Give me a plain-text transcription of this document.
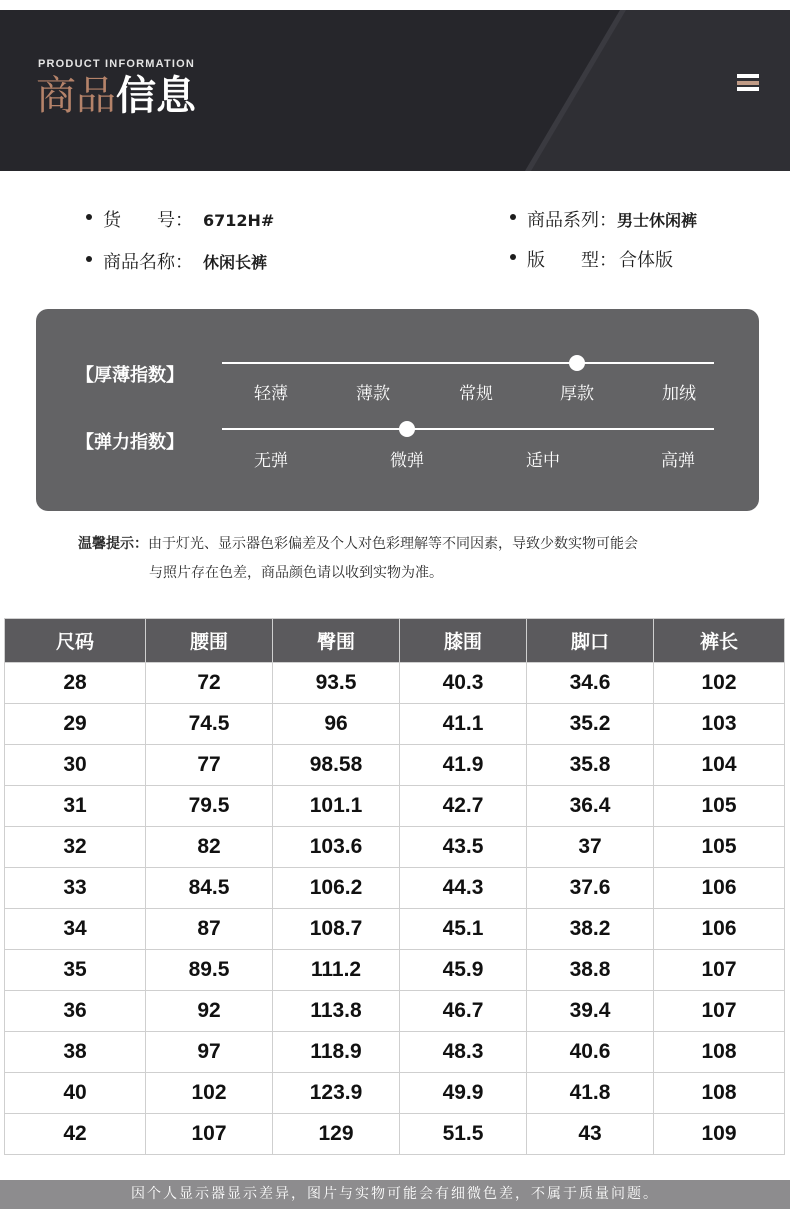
PRODUCT INFORMATION
商品信息
货　　号： 6712H#
商品名称： 休闲长裤
商品系列：男士休闲裤
版　　型： 合体版
【厚薄指数】
轻薄	薄款	常规	厚款	加绒
【弹力指数】
无弹	微弹	适中	高弹
温馨提示：由于灯光、显示器色彩偏差及个人对色彩理解等不同因素，导致少数实物可能会
与照片存在色差，商品颜色请以收到实物为准。
尺码	腰围	臀围	膝围	脚口	裤长
28	72	93.5	40.3	34.6	102
29	74.5	96	41.1	35.2	103
30	77	98.58	41.9	35.8	104
31	79.5	101.1	42.7	36.4	105
32	82	103.6	43.5	37	105
33	84.5	106.2	44.3	37.6	106
34	87	108.7	45.1	38.2	106
35	89.5	111.2	45.9	38.8	107
36	92	113.8	46.7	39.4	107
38	97	118.9	48.3	40.6	108
40	102	123.9	49.9	41.8	108
42	107	129	51.5	43	109
因个人显示器显示差异，图片与实物可能会有细微色差，不属于质量问题。
